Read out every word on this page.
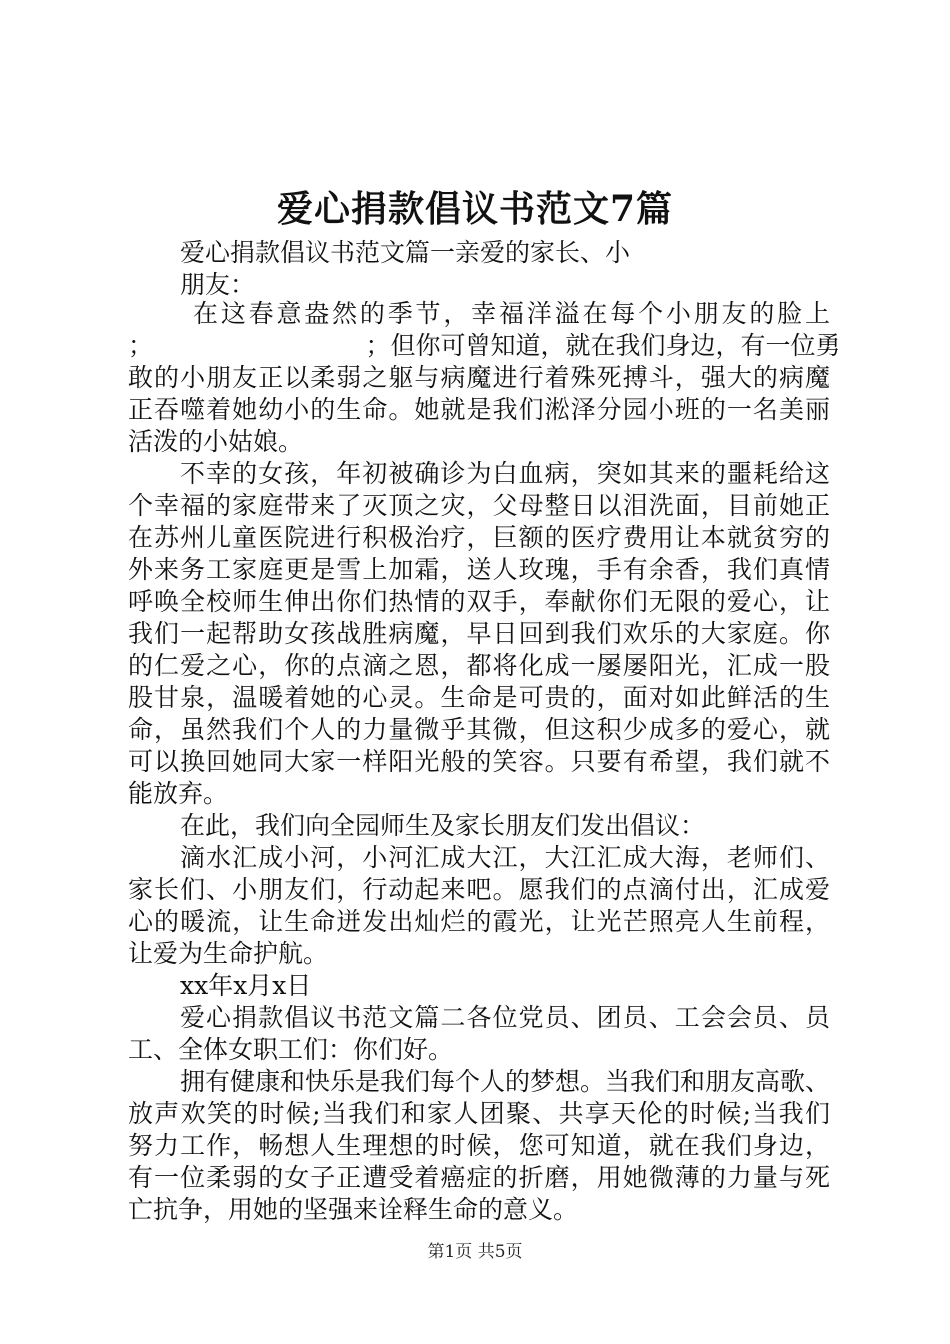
爱心捐款倡议书范文7篇
爱心捐款倡议书范文篇一亲爱的家长、小
朋友：
在这春意盎然的季节，幸福洋溢在每个小朋友的脸上
；　　　　　　　　　；但你可曾知道，就在我们身边，有一位勇
敢的小朋友正以柔弱之躯与病魔进行着殊死搏斗，强大的病魔
正吞噬着她幼小的生命。她就是我们淞泽分园小班的一名美丽
活泼的小姑娘。
不幸的女孩，年初被确诊为白血病，突如其来的噩耗给这
个幸福的家庭带来了灭顶之灾，父母整日以泪洗面，目前她正
在苏州儿童医院进行积极治疗，巨额的医疗费用让本就贫穷的
外来务工家庭更是雪上加霜，送人玫瑰，手有余香，我们真情
呼唤全校师生伸出你们热情的双手，奉献你们无限的爱心，让
我们一起帮助女孩战胜病魔，早日回到我们欢乐的大家庭。你
的仁爱之心，你的点滴之恩，都将化成一屡屡阳光，汇成一股
股甘泉，温暖着她的心灵。生命是可贵的，面对如此鲜活的生
命，虽然我们个人的力量微乎其微，但这积少成多的爱心，就
可以换回她同大家一样阳光般的笑容。只要有希望，我们就不
能放弃。
在此，我们向全园师生及家长朋友们发出倡议：
滴水汇成小河，小河汇成大江，大江汇成大海，老师们、
家长们、小朋友们，行动起来吧。愿我们的点滴付出，汇成爱
心的暖流，让生命迸发出灿烂的霞光，让光芒照亮人生前程，
让爱为生命护航。
xx年x月x日
爱心捐款倡议书范文篇二各位党员、团员、工会会员、员
工、全体女职工们：你们好。
拥有健康和快乐是我们每个人的梦想。当我们和朋友高歌、
放声欢笑的时候;当我们和家人团聚、共享天伦的时候;当我们
努力工作，畅想人生理想的时候，您可知道，就在我们身边，
有一位柔弱的女子正遭受着癌症的折磨，用她微薄的力量与死
亡抗争，用她的坚强来诠释生命的意义。
第1页 共5页
